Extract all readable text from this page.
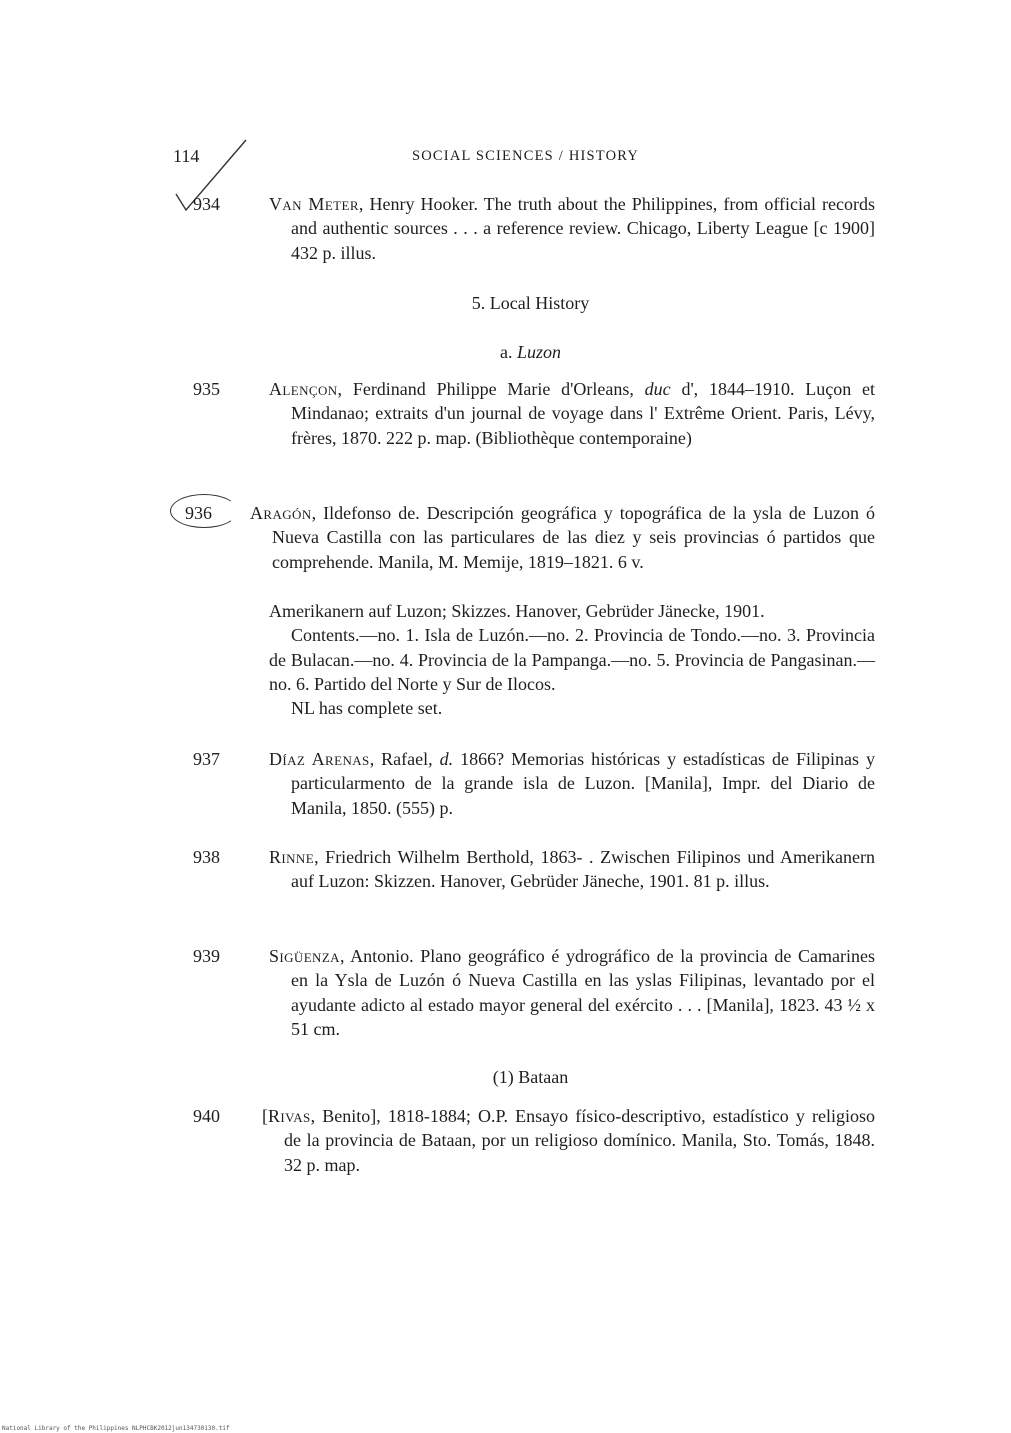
114	SOCIAL SCIENCES / HISTORY
934	Van Meter, Henry Hooker. The truth about the Philippines, from official records and authentic sources . . . a reference review. Chicago, Liberty League [c 1900] 432 p. illus.
5. Local History
a. Luzon
935	Alençon, Ferdinand Philippe Marie d'Orleans, duc d', 1844–1910. Luçon et Mindanao; extraits d'un journal de voyage dans l' Extrême Orient. Paris, Lévy, frères, 1870. 222 p. map. (Bibliothèque contemporaine)
936 Aragón, Ildefonso de. Descripción geográfica y topográfica de la ysla de Luzon ó Nueva Castilla con las particulares de las diez y seis provincias ó partidos que comprehende. Manila, M. Memije, 1819–1821. 6 v.
Amerikanern auf Luzon; Skizzes. Hanover, Gebrüder Jänecke, 1901.
Contents.—no. 1. Isla de Luzón.—no. 2. Provincia de Tondo.—no. 3. Provincia de Bulacan.—no. 4. Provincia de la Pampanga.—no. 5. Provincia de Pangasinan.—no. 6. Partido del Norte y Sur de Ilocos.
NL has complete set.
937	Díaz Arenas, Rafael, d. 1866? Memorias históricas y estadísticas de Filipinas y particularmento de la grande isla de Luzon. [Manila], Impr. del Diario de Manila, 1850. (555) p.
938	Rinne, Friedrich Wilhelm Berthold, 1863- . Zwischen Filipinos und Amerikanern auf Luzon: Skizzen. Hanover, Gebrüder Jäneche, 1901. 81 p. illus.
939	Sigüenza, Antonio. Plano geográfico é ydrográfico de la provincia de Camarines en la Ysla de Luzón ó Nueva Castilla en las yslas Filipinas, levantado por el ayudante adicto al estado mayor general del exército . . . [Manila], 1823. 43 ½ x 51 cm.
(1) Bataan
940 [Rivas, Benito], 1818-1884; O.P. Ensayo físico-descriptivo, estadístico y religioso de la provincia de Bataan, por un religioso domínico. Manila, Sto. Tomás, 1848. 32 p. map.
National Library of the Philippines NLPHCBK2012jun134730130.tif
